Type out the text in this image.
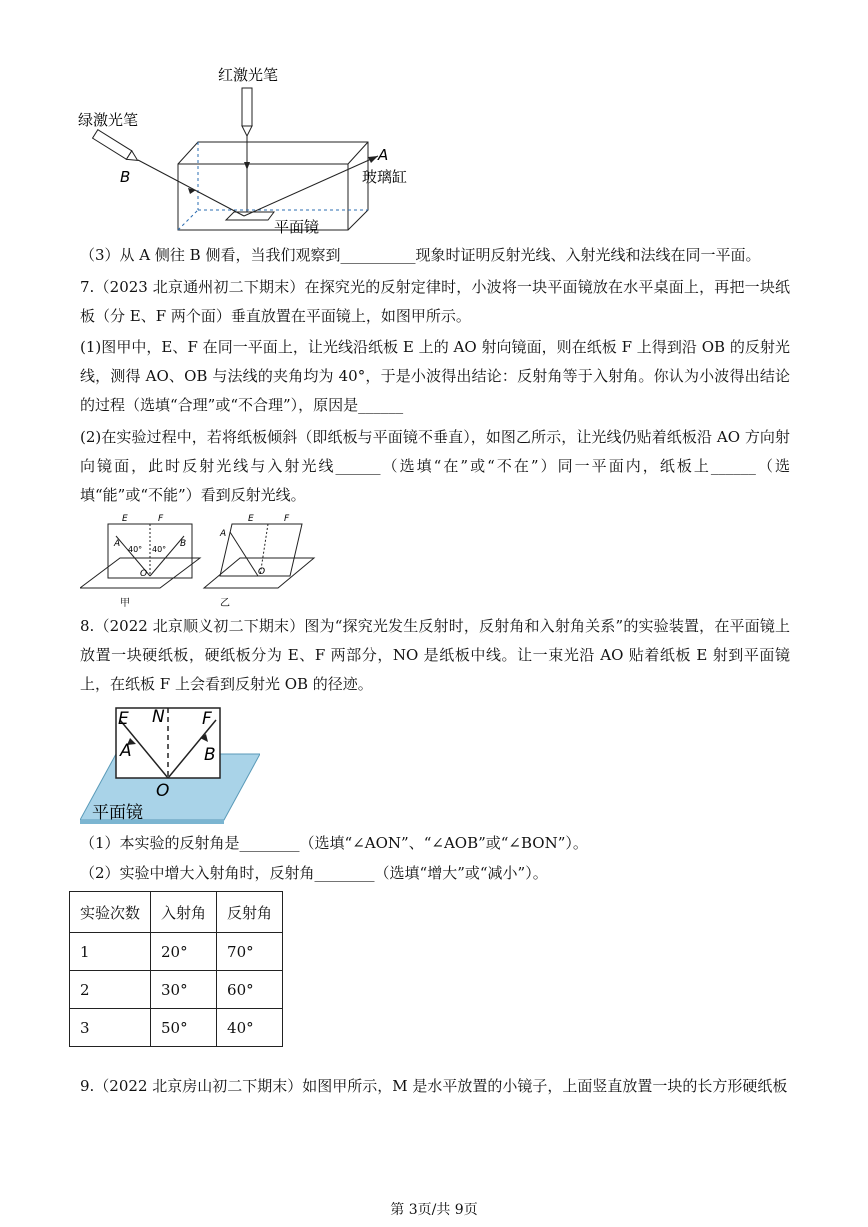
红激光笔
绿激光笔
B
A
玻璃缸
平面镜
（3）从 A 侧往 B 侧看，当我们观察到__________现象时证明反射光线、入射光线和法线在同一平面。
7.（2023 北京通州初二下期末）在探究光的反射定律时，小波将一块平面镜放在水平桌面上，再把一块纸板（分 E、F 两个面）垂直放置在平面镜上，如图甲所示。
(1)图甲中，E、F 在同一平面上，让光线沿纸板 E 上的 AO 射向镜面，则在纸板 F 上得到沿 OB 的反射光线，测得 AO、OB 与法线的夹角均为 40°，于是小波得出结论：反射角等于入射角。你认为小波得出结论的过程（选填“合理”或“不合理”），原因是______
(2)在实验过程中，若将纸板倾斜（即纸板与平面镜不垂直），如图乙所示，让光线仍贴着纸板沿 AO 方向射向镜面，此时反射光线与入射光线______（选填“在”或“不在”）同一平面内，纸板上______（选填“能”或“不能”）看到反射光线。
E	F
A	B
40° 40°
O
甲
E	F
A
O
乙
8.（2022 北京顺义初二下期末）图为“探究光发生反射时，反射角和入射角关系”的实验装置，在平面镜上放置一块硬纸板，硬纸板分为 E、F 两部分，NO 是纸板中线。让一束光沿 AO 贴着纸板 E 射到平面镜上，在纸板 F 上会看到反射光 OB 的径迹。
E N F
A	B
O
平面镜
（1）本实验的反射角是________（选填“∠AON”、“∠AOB”或“∠BON”）。
（2）实验中增大入射角时，反射角________（选填“增大”或“减小”）。
实验次数	入射角	反射角
1	20°	70°
2	30°	60°
3	50°	40°
9.（2022 北京房山初二下期末）如图甲所示，M 是水平放置的小镜子，上面竖直放置一块的长方形硬纸板
第 3页/共 9页
